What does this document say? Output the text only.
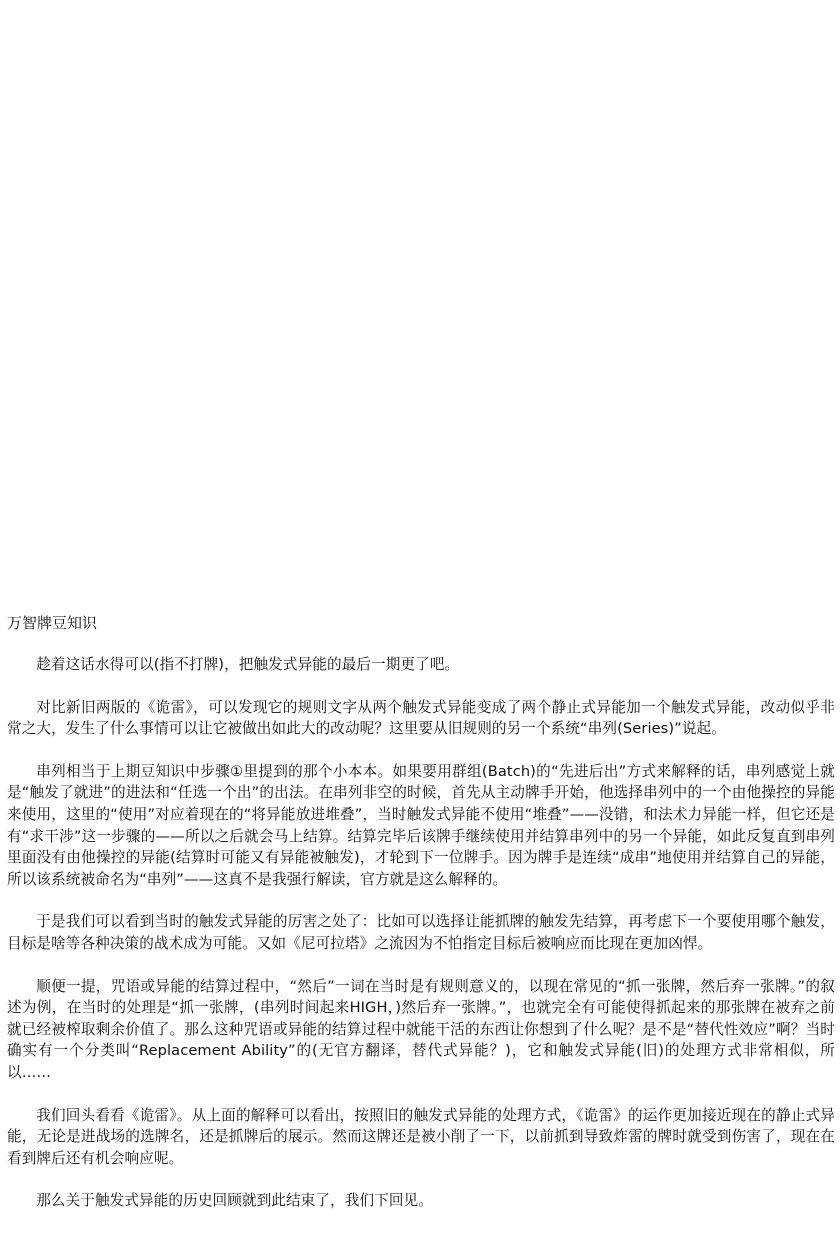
万智牌豆知识

趁着这话水得可以(指不打牌)，把触发式异能的最后一期更了吧。

对比新旧两版的《诡雷》，可以发现它的规则文字从两个触发式异能变成了两个静止式异能加一个触发式异能，改动似乎非常之大，发生了什么事情可以让它被做出如此大的改动呢？这里要从旧规则的另一个系统“串列(Series)”说起。

串列相当于上期豆知识中步骤①里提到的那个小本本。如果要用群组(Batch)的“先进后出”方式来解释的话，串列感觉上就是“触发了就进”的进法和“任选一个出”的出法。在串列非空的时候，首先从主动牌手开始，他选择串列中的一个由他操控的异能来使用，这里的“使用”对应着现在的“将异能放进堆叠”，当时触发式异能不使用“堆叠”——没错，和法术力异能一样，但它还是有“求干涉”这一步骤的——所以之后就会马上结算。结算完毕后该牌手继续使用并结算串列中的另一个异能，如此反复直到串列里面没有由他操控的异能(结算时可能又有异能被触发)，才轮到下一位牌手。因为牌手是连续“成串”地使用并结算自己的异能，所以该系统被命名为“串列”——这真不是我强行解读，官方就是这么解释的。

于是我们可以看到当时的触发式异能的厉害之处了：比如可以选择让能抓牌的触发先结算，再考虑下一个要使用哪个触发，目标是啥等各种决策的战术成为可能。又如《尼可拉塔》之流因为不怕指定目标后被响应而比现在更加凶悍。

顺便一提，咒语或异能的结算过程中，“然后”一词在当时是有规则意义的，以现在常见的“抓一张牌，然后弃一张牌。”的叙述为例，在当时的处理是“抓一张牌，(串列时间起来HIGH，)然后弃一张牌。”，也就完全有可能使得抓起来的那张牌在被弃之前就已经被榨取剩余价值了。那么这种咒语或异能的结算过程中就能干活的东西让你想到了什么呢？是不是“替代性效应”啊？当时确实有一个分类叫“Replacement Ability”的(无官方翻译，替代式异能？)，它和触发式异能(旧)的处理方式非常相似，所以……

我们回头看看《诡雷》。从上面的解释可以看出，按照旧的触发式异能的处理方式，《诡雷》的运作更加接近现在的静止式异能，无论是进战场的选牌名，还是抓牌后的展示。然而这牌还是被小削了一下，以前抓到导致炸雷的牌时就受到伤害了，现在在看到牌后还有机会响应呢。

那么关于触发式异能的历史回顾就到此结束了，我们下回见。
